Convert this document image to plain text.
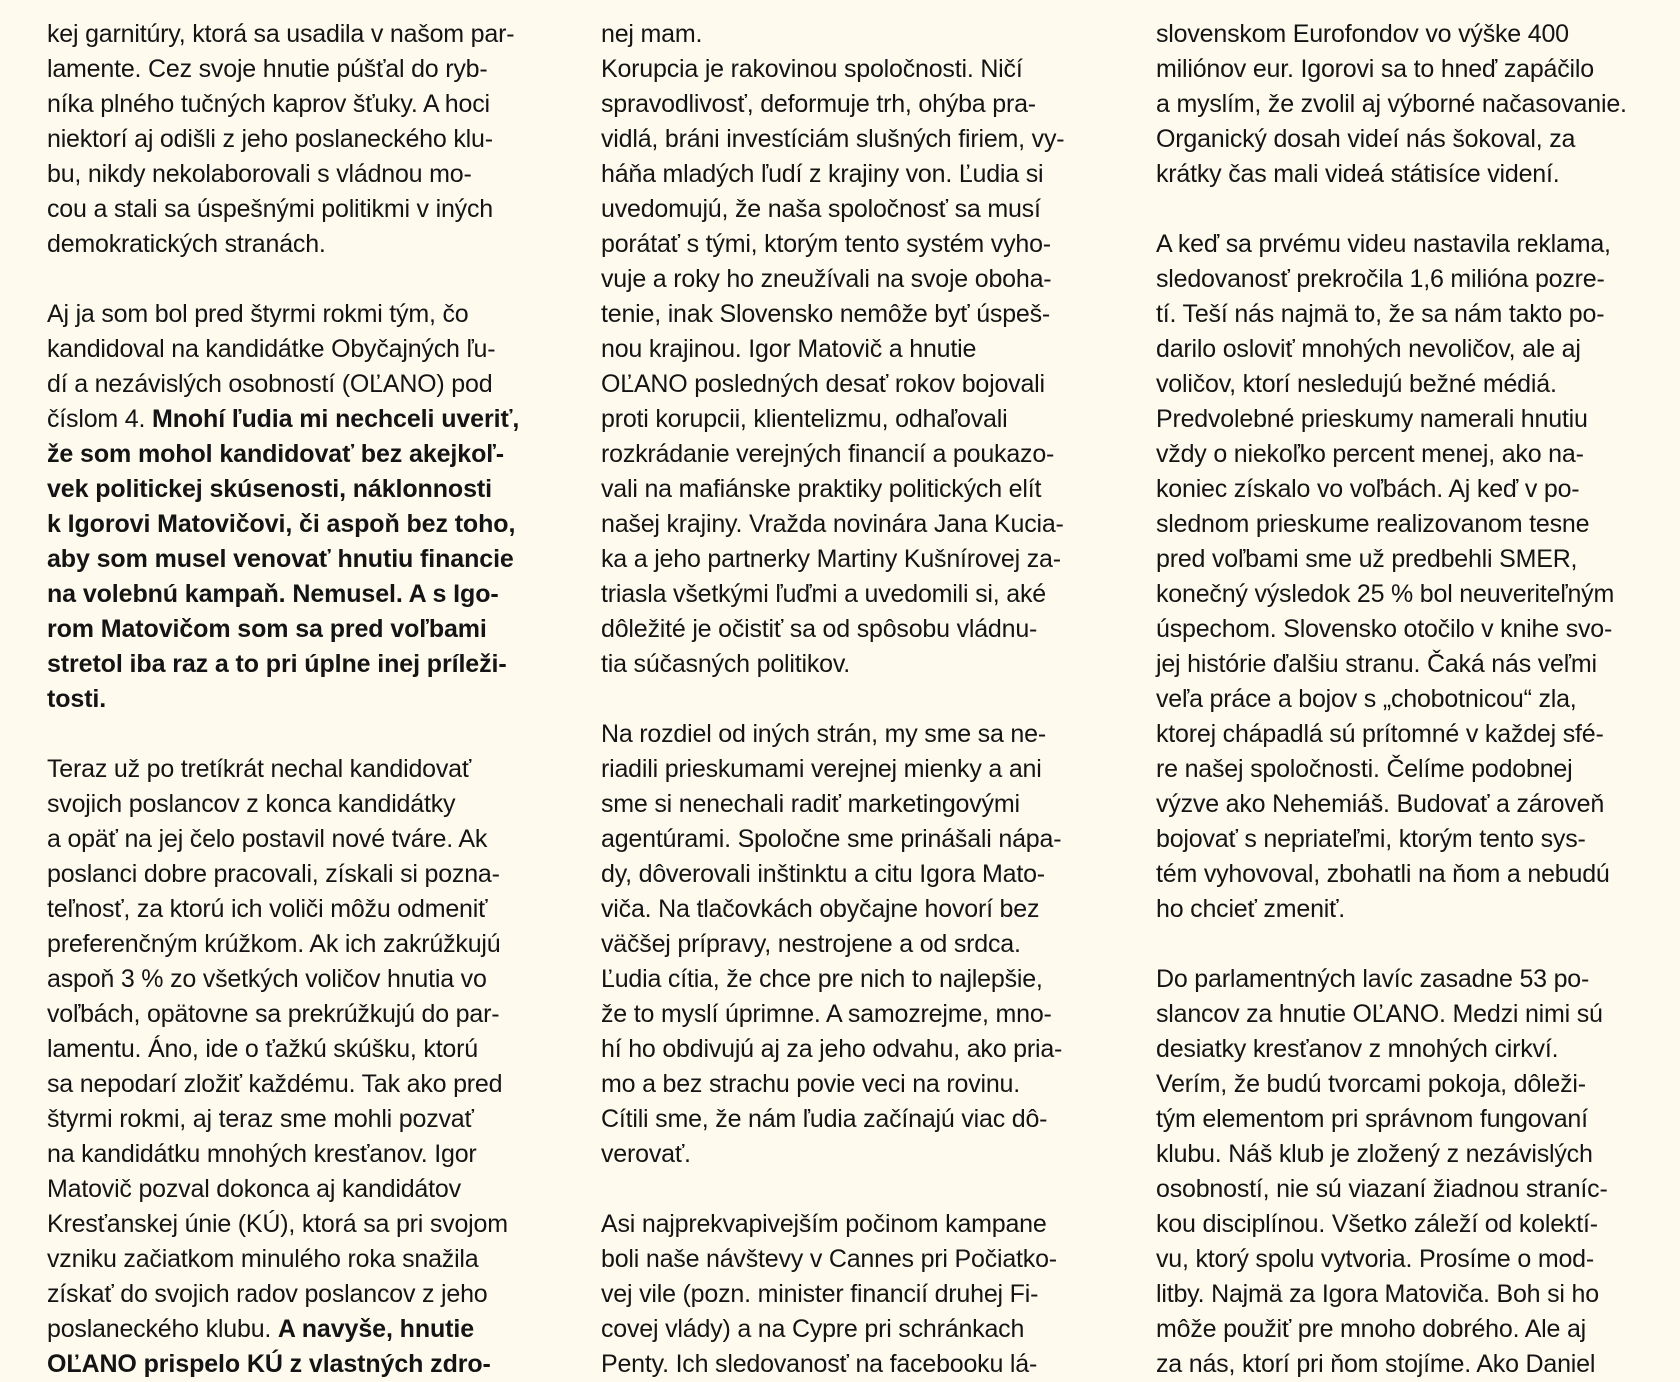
kej garnitúry, ktorá sa usadila v našom par-
lamente. Cez svoje hnutie púšťal do ryb-
níka plného tučných kaprov šťuky. A hoci
niektorí aj odišli z jeho poslaneckého klu-
bu, nikdy nekolaborovali s vládnou mo-
cou a stali sa úspešnými politikmi v iných
demokratických stranách.

Aj ja som bol pred štyrmi rokmi tým, čo
kandidoval na kandidátke Obyčajných ľu-
dí a nezávislých osobností (OĽANO) pod
číslom 4. Mnohí ľudia mi nechceli uveriť,
že som mohol kandidovať bez akejkoľ-
vek politickej skúsenosti, náklonnosti
k Igorovi Matovičovi, či aspoň bez toho,
aby som musel venovať hnutiu financie
na volebnú kampaň. Nemusel. A s Igo-
rom Matovičom som sa pred voľbami
stretol iba raz a to pri úplne inej príleži-
tosti.

Teraz už po tretíkrát nechal kandidovať
svojich poslancov z konca kandidátky
a opäť na jej čelo postavil nové tváre. Ak
poslanci dobre pracovali, získali si pozna-
teľnosť, za ktorú ich voliči môžu odmeniť
preferenčným krúžkom. Ak ich zakrúžkujú
aspoň 3 % zo všetkých voličov hnutia vo
voľbách, opätovne sa prekrúžkujú do par-
lamentu. Áno, ide o ťažkú skúšku, ktorú
sa nepodarí zložiť každému. Tak ako pred
štyrmi rokmi, aj teraz sme mohli pozvať
na kandidátku mnohých kresťanov. Igor
Matovič pozval dokonca aj kandidátov
Kresťanskej únie (KÚ), ktorá sa pri svojom
vzniku začiatkom minulého roka snažila
získať do svojich radov poslancov z jeho
poslaneckého klubu. A navyše, hnutie
OĽANO prispelo KÚ z vlastných zdro-

nej mam.
Korupcia je rakovinou spoločnosti. Ničí
spravodlivosť, deformuje trh, ohýba pra-
vidlá, bráni investíciám slušných firiem, vy-
háňa mladých ľudí z krajiny von. Ľudia si
uvedomujú, že naša spoločnosť sa musí
porátať s tými, ktorým tento systém vyho-
vuje a roky ho zneužívali na svoje oboha-
tenie, inak Slovensko nemôže byť úspeš-
nou krajinou. Igor Matovič a hnutie
OĽANO posledných desať rokov bojovali
proti korupcii, klientelizmu, odhaľovali
rozkrádanie verejných financií a poukazo-
vali na mafiánske praktiky politických elít
našej krajiny. Vražda novinára Jana Kucia-
ka a jeho partnerky Martiny Kušnírovej za-
triasla všetkými ľuďmi a uvedomili si, aké
dôležité je očistiť sa od spôsobu vládnu-
tia súčasných politikov.

Na rozdiel od iných strán, my sme sa ne-
riadili prieskumami verejnej mienky a ani
sme si nenechali radiť marketingovými
agentúrami. Spoločne sme prinášali nápa-
dy, dôverovali inštinktu a citu Igora Mato-
viča. Na tlačovkách obyčajne hovorí bez
väčšej prípravy, nestrojene a od srdca.
Ľudia cítia, že chce pre nich to najlepšie,
že to myslí úprimne. A samozrejme, mno-
hí ho obdivujú aj za jeho odvahu, ako pria-
mo a bez strachu povie veci na rovinu.
Cítili sme, že nám ľudia začínajú viac dô-
verovať.

Asi najprekvapivejším počinom kampane
boli naše návštevy v Cannes pri Počiatko-
vej vile (pozn. minister financií druhej Fi-
covej vlády) a na Cypre pri schránkach
Penty. Ich sledovanosť na facebooku lá-

slovenskom Eurofondov vo výške 400
miliónov eur. Igorovi sa to hneď zapáčilo
a myslím, že zvolil aj výborné načasovanie.
Organický dosah videí nás šokoval, za
krátky čas mali videá státisíce videní.

A keď sa prvému videu nastavila reklama,
sledovanosť prekročila 1,6 milióna pozre-
tí. Teší nás najmä to, že sa nám takto po-
darilo osloviť mnohých nevoličov, ale aj
voličov, ktorí nesledujú bežné médiá.
Predvolebné prieskumy namerali hnutiu
vždy o niekoľko percent menej, ako na-
koniec získalo vo voľbách. Aj keď v po-
slednom prieskume realizovanom tesne
pred voľbami sme už predbehli SMER,
konečný výsledok 25 % bol neuveriteľným
úspechom. Slovensko otočilo v knihe svo-
jej histórie ďalšiu stranu. Čaká nás veľmi
veľa práce a bojov s „chobotnicou“ zla,
ktorej chápadlá sú prítomné v každej sfé-
re našej spoločnosti. Čelíme podobnej
výzve ako Nehemiáš. Budovať a zároveň
bojovať s nepriateľmi, ktorým tento sys-
tém vyhovoval, zbohatli na ňom a nebudú
ho chcieť zmeniť.

Do parlamentných lavíc zasadne 53 po-
slancov za hnutie OĽANO. Medzi nimi sú
desiatky kresťanov z mnohých cirkví.
Verím, že budú tvorcami pokoja, dôleži-
tým elementom pri správnom fungovaní
klubu. Náš klub je zložený z nezávislých
osobností, nie sú viazaní žiadnou straníc-
kou disciplínou. Všetko záleží od kolektí-
vu, ktorý spolu vytvoria. Prosíme o mod-
litby. Najmä za Igora Matoviča. Boh si ho
môže použiť pre mnoho dobrého. Ale aj
za nás, ktorí pri ňom stojíme. Ako Daniel
